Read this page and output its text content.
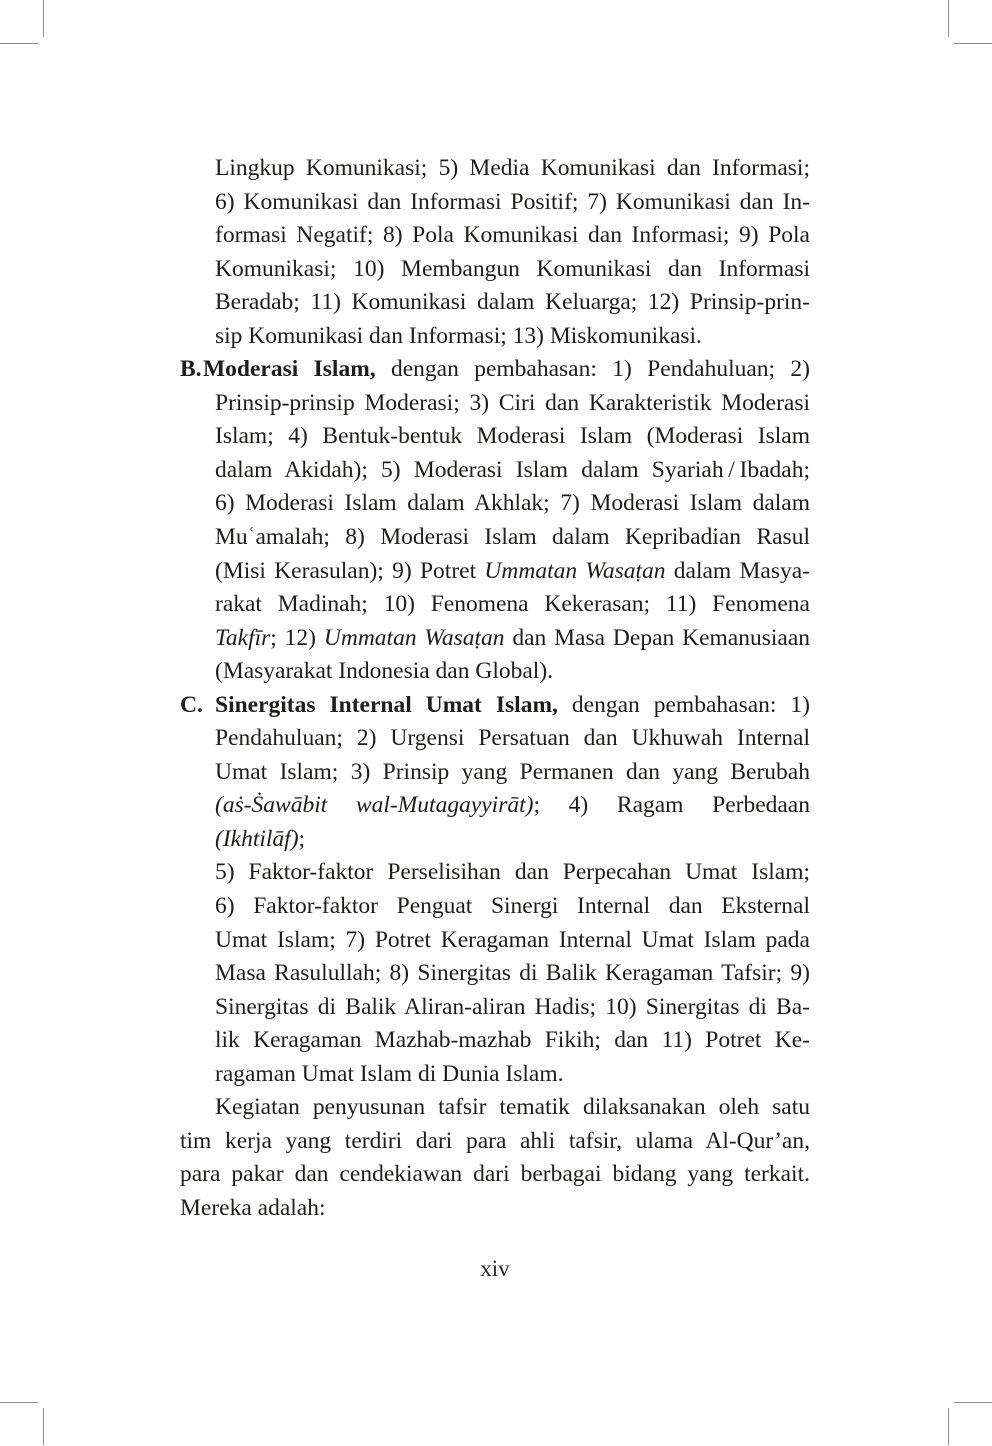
Lingkup Komunikasi; 5) Media Komunikasi dan Informasi;
6) Komunikasi dan Informasi Positif; 7) Komunikasi dan In-
formasi Negatif; 8) Pola Komunikasi dan Informasi; 9) Pola
Komunikasi; 10) Membangun Komunikasi dan Informasi
Beradab; 11) Komunikasi dalam Keluarga; 12) Prinsip-prin-
sip Komunikasi dan Informasi; 13) Miskomunikasi.
B. Moderasi Islam, dengan pembahasan: 1) Pendahuluan; 2)
Prinsip-prinsip Moderasi; 3) Ciri dan Karakteristik Moderasi
Islam; 4) Bentuk-bentuk Moderasi Islam (Moderasi Islam
dalam Akidah); 5) Moderasi Islam dalam Syariah / Ibadah;
6) Moderasi Islam dalam Akhlak; 7) Moderasi Islam dalam
Muʿamalah; 8) Moderasi Islam dalam Kepribadian Rasul
(Misi Kerasulan); 9) Potret Ummatan Wasaṭan dalam Masya-
rakat Madinah; 10) Fenomena Kekerasan; 11) Fenomena
Takfīr; 12) Ummatan Wasaṭan dan Masa Depan Kemanusiaan
(Masyarakat Indonesia dan Global).
C. Sinergitas Internal Umat Islam, dengan pembahasan: 1)
Pendahuluan; 2) Urgensi Persatuan dan Ukhuwah Internal
Umat Islam; 3) Prinsip yang Permanen dan yang Berubah
(aṡ-Ṡawābit wal-Mutagayyirāt); 4) Ragam Perbedaan (Ikhtilāf);
5) Faktor-faktor Perselisihan dan Perpecahan Umat Islam;
6) Faktor-faktor Penguat Sinergi Internal dan Eksternal
Umat Islam; 7) Potret Keragaman Internal Umat Islam pada
Masa Rasulullah; 8) Sinergitas di Balik Keragaman Tafsir; 9)
Sinergitas di Balik Aliran-aliran Hadis; 10) Sinergitas di Ba-
lik Keragaman Mazhab-mazhab Fikih; dan 11) Potret Ke-
ragaman Umat Islam di Dunia Islam.
Kegiatan penyusunan tafsir tematik dilaksanakan oleh satu
tim kerja yang terdiri dari para ahli tafsir, ulama Al-Qur’an,
para pakar dan cendekiawan dari berbagai bidang yang terkait.
Mereka adalah:
xiv
